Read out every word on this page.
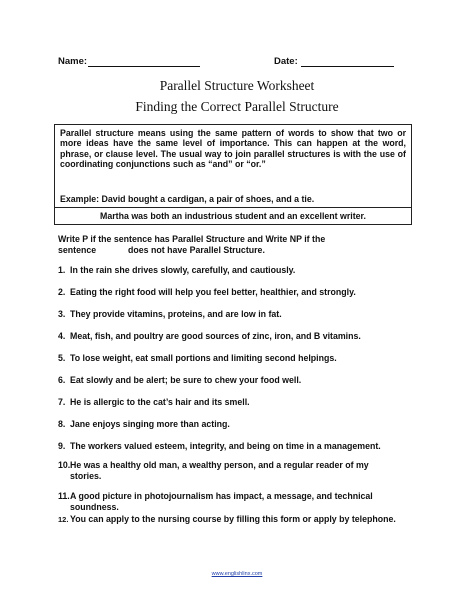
Name:	Date:
Parallel Structure Worksheet
Finding the Correct Parallel Structure
Parallel structure means using the same pattern of words to show that two or more ideas have the same level of importance. This can happen at the word, phrase, or clause level. The usual way to join parallel structures is with the use of coordinating conjunctions such as “and” or “or.”
Example: David bought a cardigan, a pair of shoes, and a tie.
Martha was both an industrious student and an excellent writer.
Write P if the sentence has Parallel Structure and Write NP if the
sentence	does not have Parallel Structure.
1. In the rain she drives slowly, carefully, and cautiously.
2. Eating the right food will help you feel better, healthier, and strongly.
3. They provide vitamins, proteins, and are low in fat.
4. Meat, fish, and poultry are good sources of zinc, iron, and B vitamins.
5. To lose weight, eat small portions and limiting second helpings.
6. Eat slowly and be alert; be sure to chew your food well.
7. He is allergic to the cat’s hair and its smell.
8. Jane enjoys singing more than acting.
9. The workers valued esteem, integrity, and being on time in a management.
10.He was a healthy old man, a wealthy person, and a regular reader of my
stories.
11.A good picture in photojournalism has impact, a message, and technical
soundness.
12. You can apply to the nursing course by filling this form or apply by telephone.
www.englishlinx.com
